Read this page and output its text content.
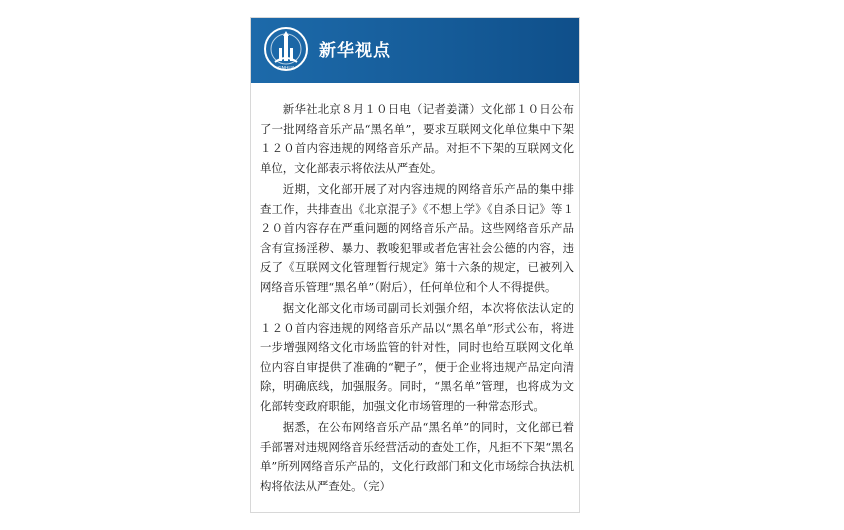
XINHUA
新华视点

新华社北京８月１０日电（记者姜潇）文化部１０日公布了一批网络音乐产品“黑名单”，要求互联网文化单位集中下架１２０首内容违规的网络音乐产品。对拒不下架的互联网文化单位，文化部表示将依法从严查处。

近期，文化部开展了对内容违规的网络音乐产品的集中排查工作，共排查出《北京混子》《不想上学》《自杀日记》等１２０首内容存在严重问题的网络音乐产品。这些网络音乐产品含有宣扬淫秽、暴力、教唆犯罪或者危害社会公德的内容，违反了《互联网文化管理暂行规定》第十六条的规定，已被列入网络音乐管理“黑名单”（附后），任何单位和个人不得提供。

据文化部文化市场司副司长刘强介绍，本次将依法认定的１２０首内容违规的网络音乐产品以“黑名单”形式公布，将进一步增强网络文化市场监管的针对性，同时也给互联网文化单位内容自审提供了准确的“靶子”，便于企业将违规产品定向清除，明确底线，加强服务。同时，“黑名单”管理，也将成为文化部转变政府职能，加强文化市场管理的一种常态形式。

据悉，在公布网络音乐产品“黑名单”的同时，文化部已着手部署对违规网络音乐经营活动的查处工作，凡拒不下架“黑名单”所列网络音乐产品的，文化行政部门和文化市场综合执法机构将依法从严查处。（完）
